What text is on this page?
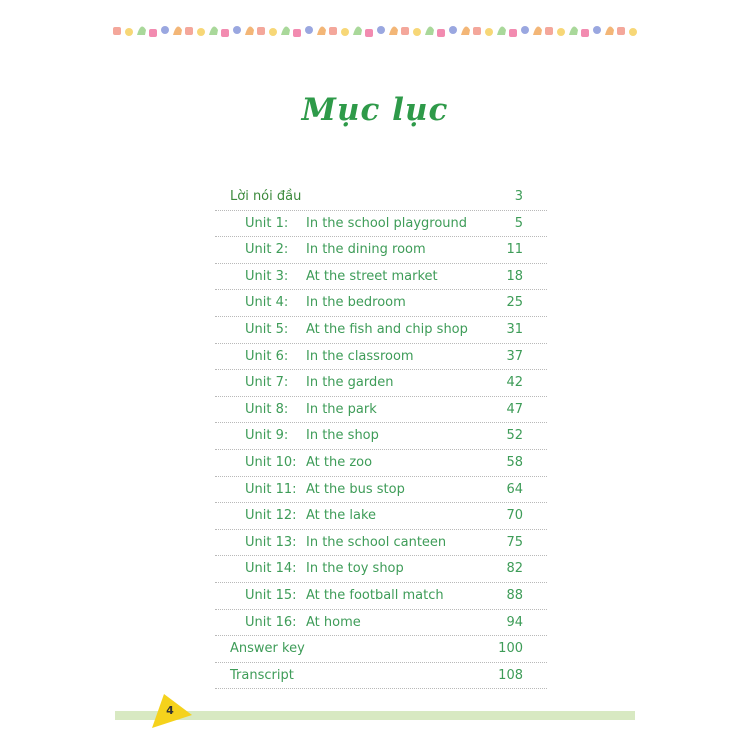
Mục lục
Lời nói đầu	3
Unit 1: In the school playground	5
Unit 2: In the dining room	11
Unit 3: At the street market	18
Unit 4: In the bedroom	25
Unit 5: At the fish and chip shop	31
Unit 6: In the classroom	37
Unit 7: In the garden	42
Unit 8: In the park	47
Unit 9: In the shop	52
Unit 10: At the zoo	58
Unit 11: At the bus stop	64
Unit 12: At the lake	70
Unit 13: In the school canteen	75
Unit 14: In the toy shop	82
Unit 15: At the football match	88
Unit 16: At home	94
Answer key	100
Transcript	108
4
